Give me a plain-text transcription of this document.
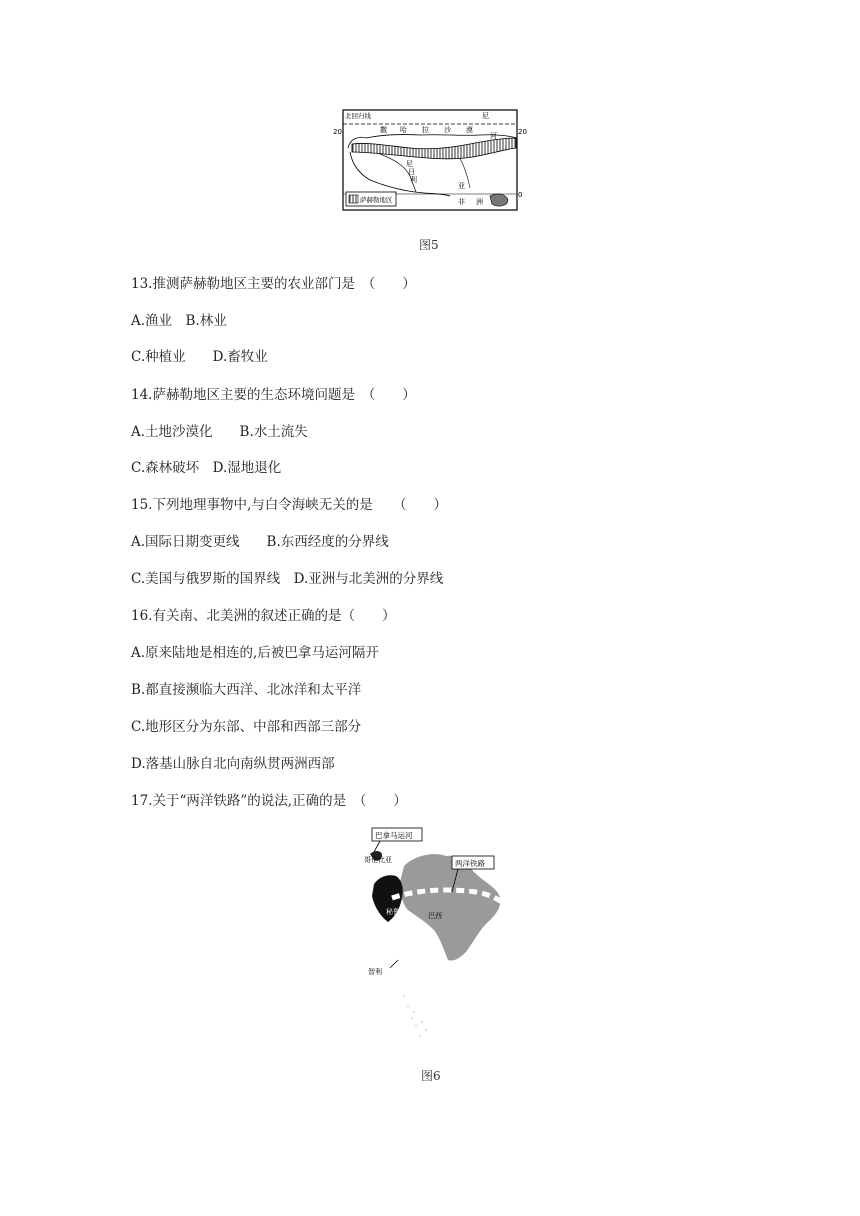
萨赫勒地区
北回归线
20	20
0
撒 哈 拉 沙 漠
尼
河
尼
日
利
亚
非 洲
图5
13.推测萨赫勒地区主要的农业部门是　（　　）
A.渔业　B.林业
C.种植业　　D.畜牧业
14.萨赫勒地区主要的生态环境问题是　（　　）
A.土地沙漠化　　B.水土流失
C.森林破坏　D.湿地退化
15.下列地理事物中,与白令海峡无关的是　　（　　）
A.国际日期变更线　　B.东西经度的分界线
C.美国与俄罗斯的国界线　D.亚洲与北美洲的分界线
16.有关南、北美洲的叙述正确的是（　　）
A.原来陆地是相连的,后被巴拿马运河隔开
B.都直接濒临大西洋、北冰洋和太平洋
C.地形区分为东部、中部和西部三部分
D.落基山脉自北向南纵贯两洲西部
17.关于“两洋铁路”的说法,正确的是　（　　）
巴拿马运河
哥伦比亚	两洋铁路
秘鲁	巴西
智利
图6
